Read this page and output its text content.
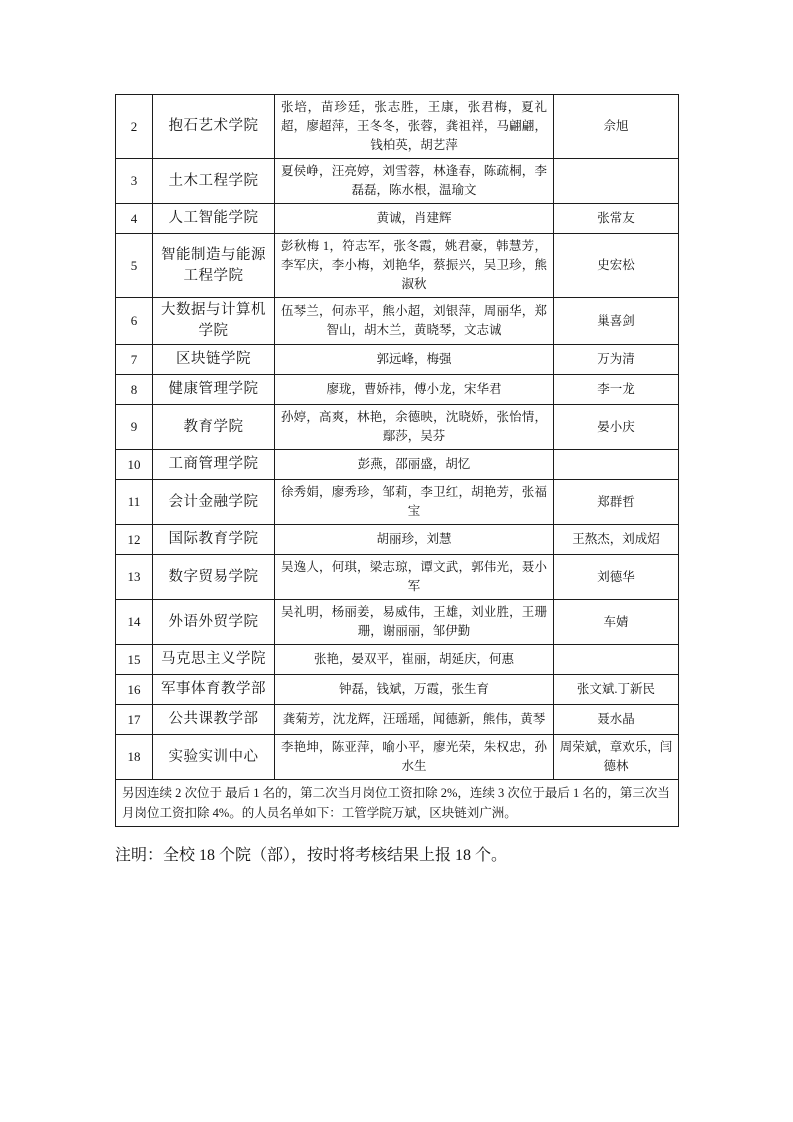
2	抱石艺术学院	张培，苗珍廷，张志胜，王康，张君梅，夏礼超，廖超萍，王冬冬，张蓉，龚祖祥，马翩翩，钱柏英，胡艺萍	佘旭
3	土木工程学院	夏侯峥，汪亮婷，刘雪蓉，林逢春，陈疏桐，李磊磊，陈水根，温瑜文	
4	人工智能学院	黄诚，肖建辉	张常友
5	智能制造与能源工程学院	彭秋梅 1，符志军，张冬霞，姚君豪，韩慧芳，李军庆，李小梅，刘艳华，蔡振兴，吴卫珍，熊淑秋	史宏松
6	大数据与计算机学院	伍琴兰，何赤平，熊小超，刘银萍，周丽华，郑智山，胡木兰，黄晓琴，文志诚	巢喜剑
7	区块链学院	郭远峰，梅强	万为清
8	健康管理学院	廖珑，曹娇祎，傅小龙，宋华君	李一龙
9	教育学院	孙婷，高爽，林艳，余德映，沈晓娇，张怡情，鄢莎，吴芬	晏小庆
10	工商管理学院	彭燕，邵丽盛，胡忆	
11	会计金融学院	徐秀娟，廖秀珍，邹莉，李卫红，胡艳芳，张福宝	郑群哲
12	国际教育学院	胡丽珍，刘慧	王熬杰，刘成炤
13	数字贸易学院	吴逸人，何琪，梁志琼，谭文武，郭伟光，聂小军	刘德华
14	外语外贸学院	吴礼明，杨丽姜，易威伟，王雄，刘业胜，王珊珊，谢丽丽，邹伊勤	车婧
15	马克思主义学院	张艳，晏双平，崔丽，胡延庆，何惠	
16	军事体育教学部	钟磊，钱斌，万霞，张生育	张文斌.丁新民
17	公共课教学部	龚菊芳，沈龙辉，汪瑶瑶，闻德新，熊伟，黄琴	聂水晶
18	实验实训中心	李艳坤，陈亚萍，喻小平，廖光荣，朱权忠，孙水生	周荣斌，章欢乐，闫德林
另因连续 2 次位于 最后 1 名的，第二次当月岗位工资扣除 2%，连续 3 次位于最后 1 名的，第三次当月岗位工资扣除 4%。的人员名单如下：工管学院万斌，区块链刘广洲。			
注明：全校 18 个院（部），按时将考核结果上报 18 个。
